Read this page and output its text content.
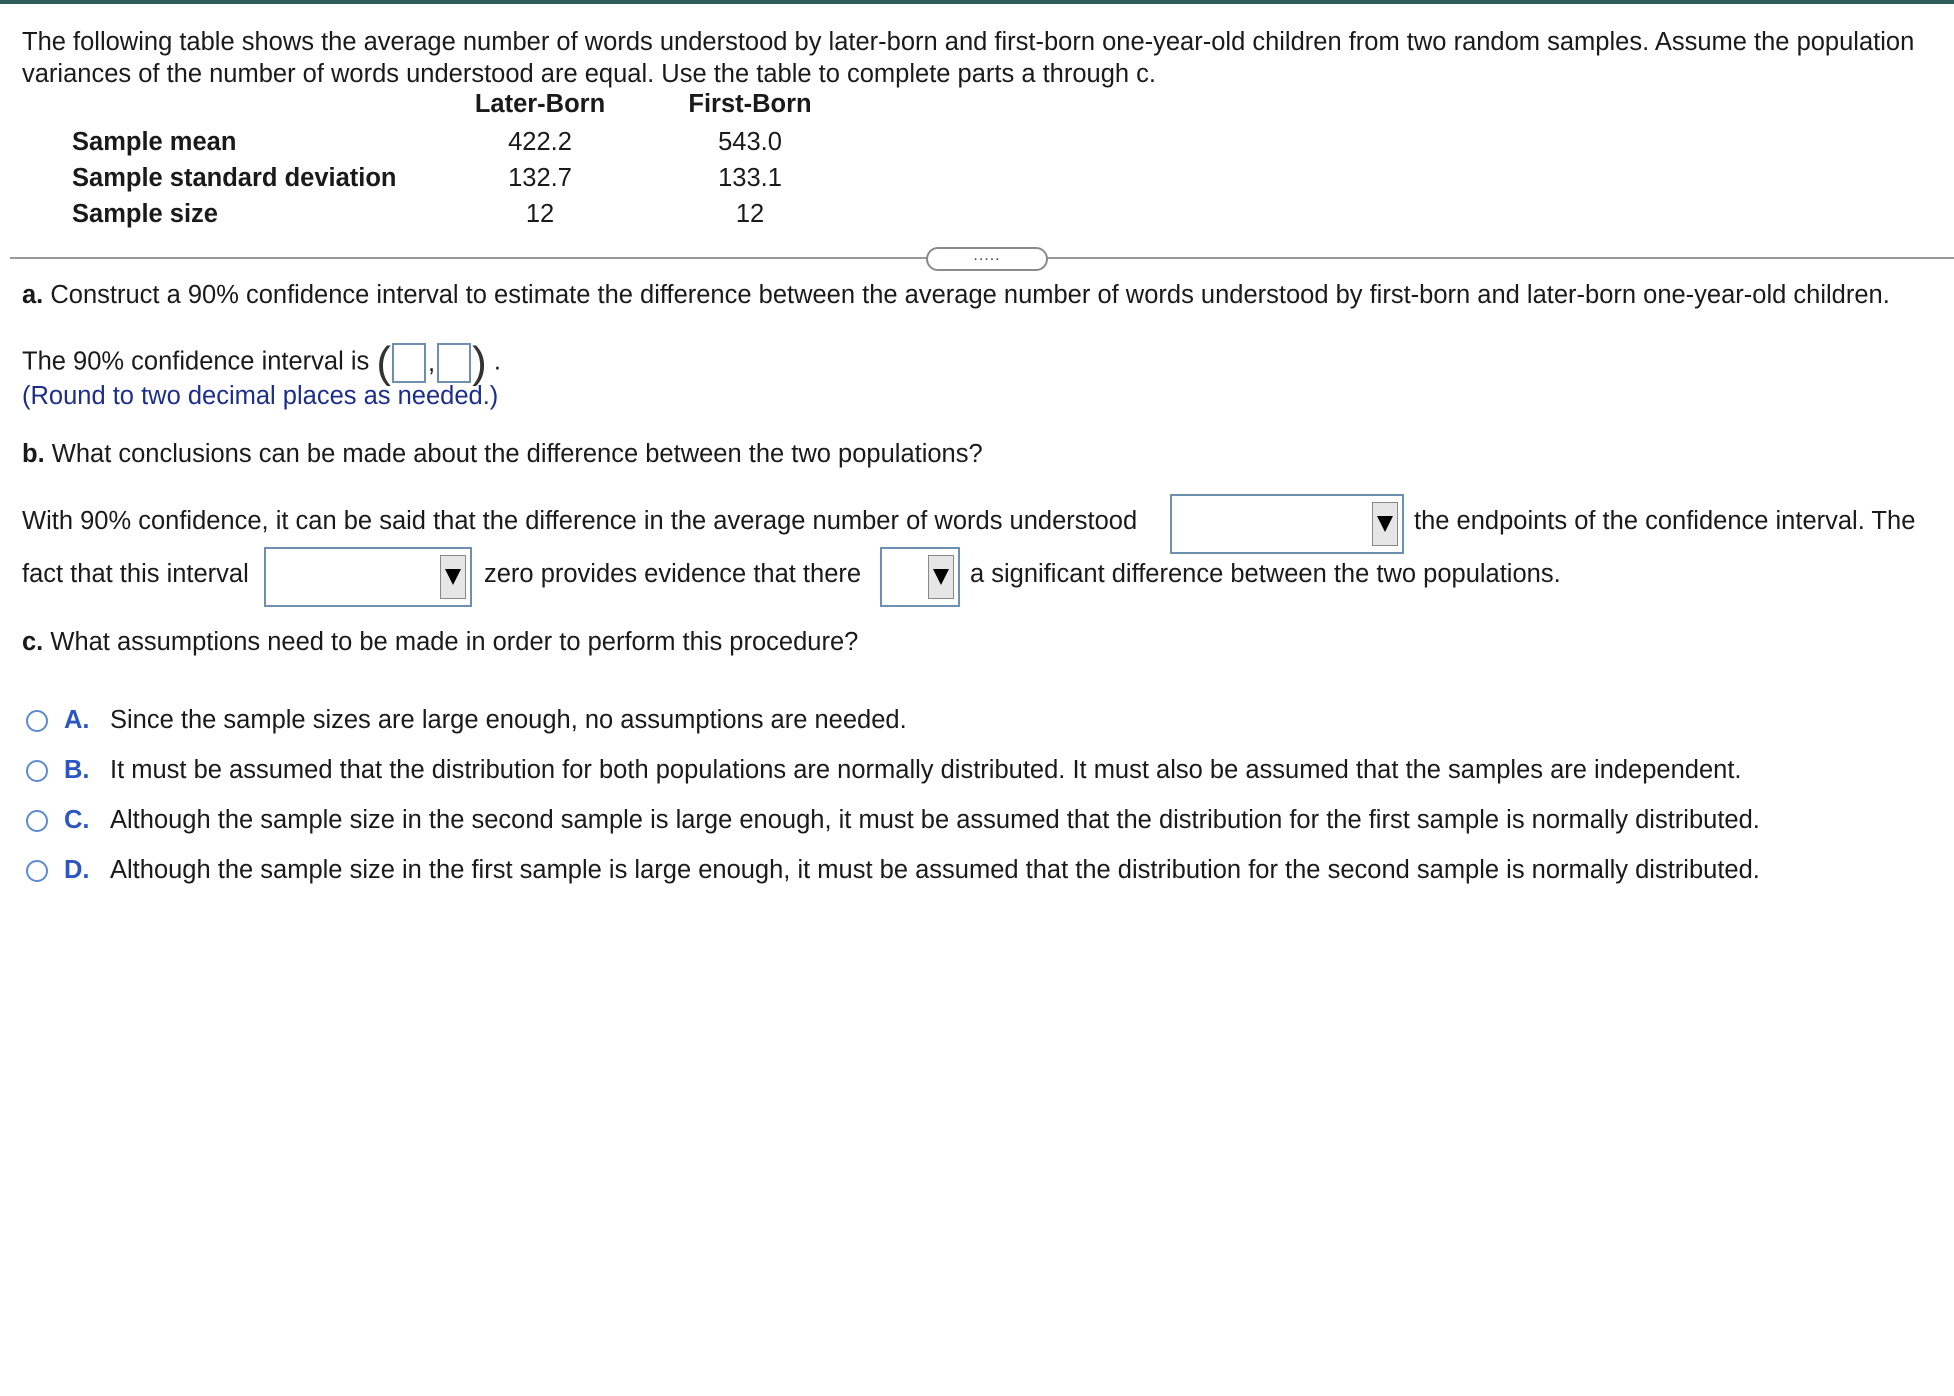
The following table shows the average number of words understood by later-born and first-born one-year-old children from two random samples. Assume the population variances of the number of words understood are equal. Use the table to complete parts a through c.

Later-Born	First-Born
Sample mean	422.2	543.0
Sample standard deviation	132.7	133.1
Sample size	12	12
.....
a. Construct a 90% confidence interval to estimate the difference between the average number of words understood by first-born and later-born one-year-old children.
The 90% confidence interval is ( , ) .
(Round to two decimal places as needed.)
b. What conclusions can be made about the difference between the two populations?
With 90% confidence, it can be said that the difference in the average number of words understood	the endpoints of the confidence interval. The
fact that this interval	zero provides evidence that there	a significant difference between the two populations.
c. What assumptions need to be made in order to perform this procedure?
A. Since the sample sizes are large enough, no assumptions are needed.
B. It must be assumed that the distribution for both populations are normally distributed. It must also be assumed that the samples are independent.
C. Although the sample size in the second sample is large enough, it must be assumed that the distribution for the first sample is normally distributed.
D. Although the sample size in the first sample is large enough, it must be assumed that the distribution for the second sample is normally distributed.
